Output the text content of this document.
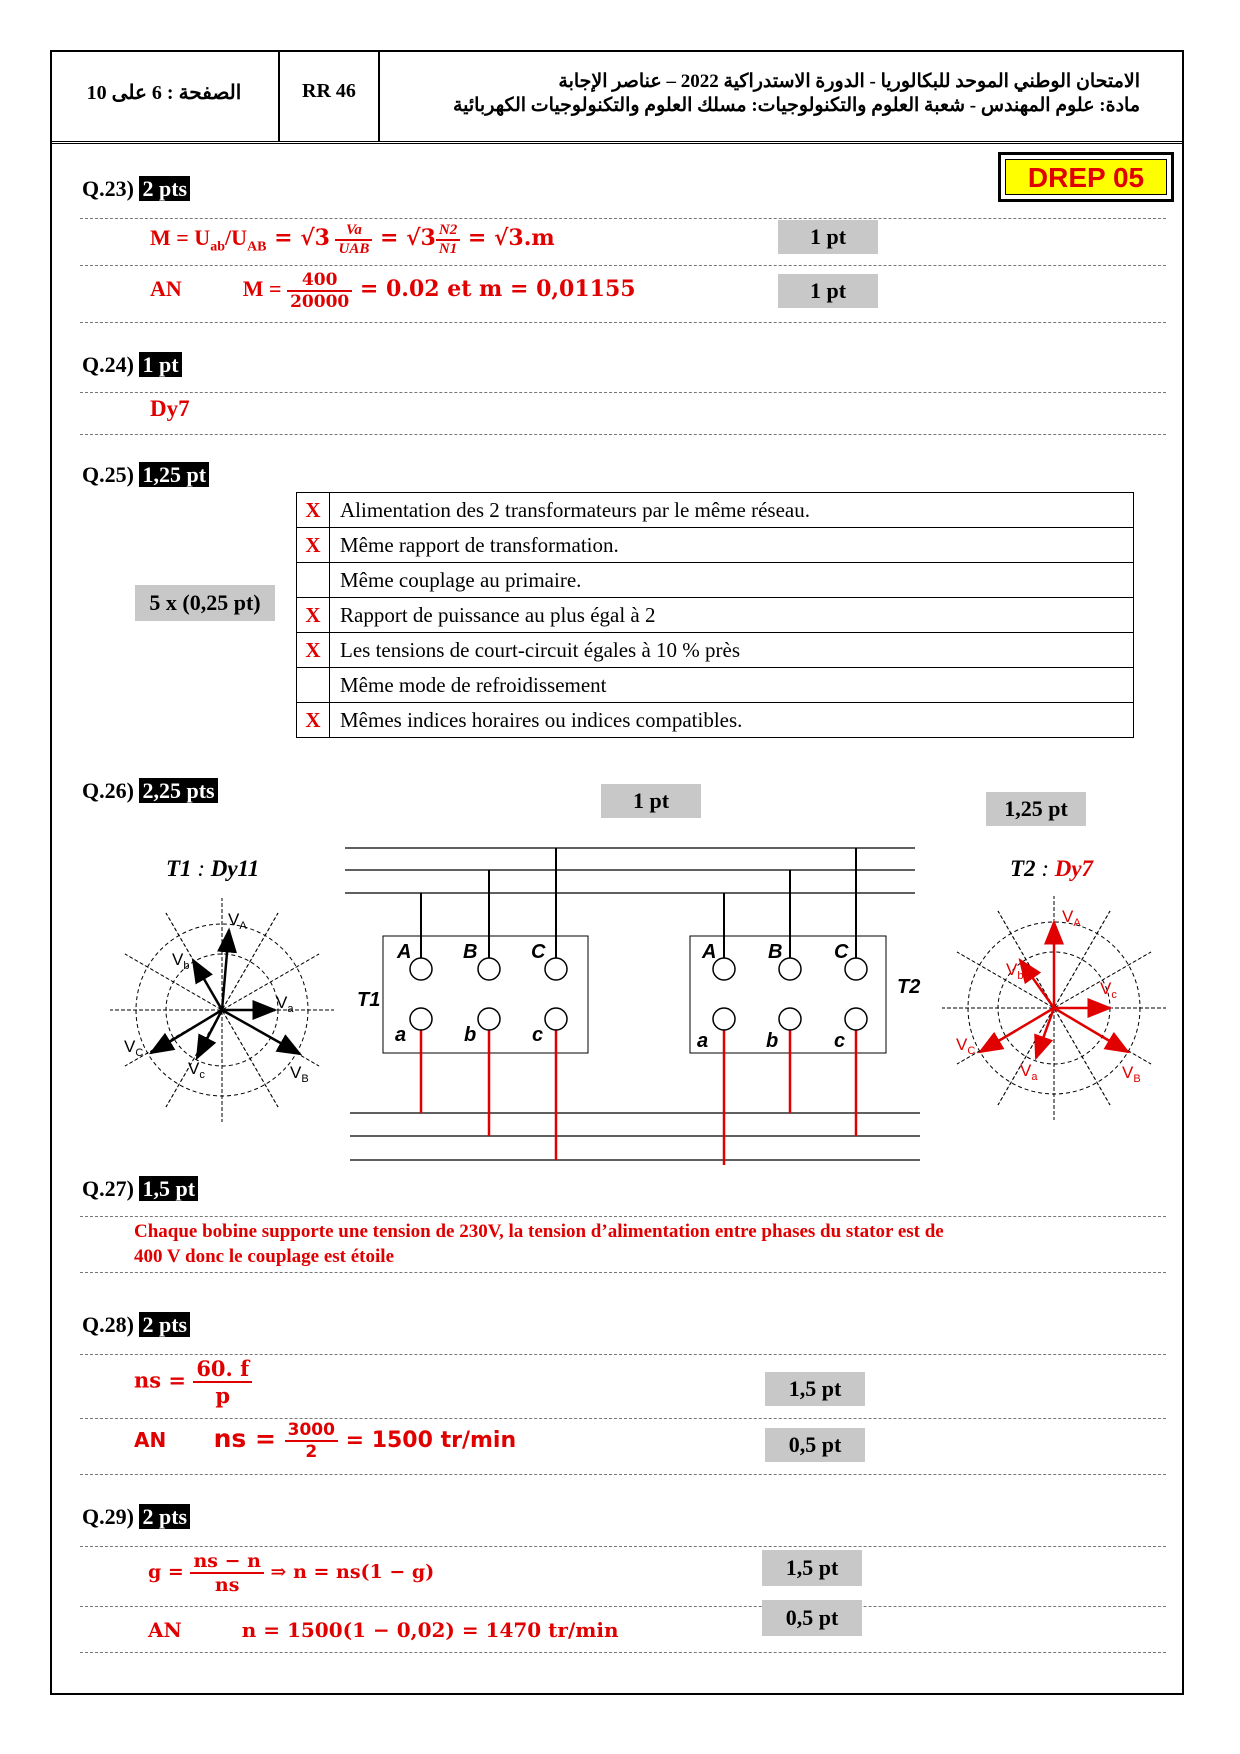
الصفحة : 6 على 10	RR 46	الامتحان الوطني الموحد للبكالوريا - الدورة الاستدراكية 2022 – عناصر الإجابة
مادة: علوم المهندس - شعبة العلوم والتكنولوجيات: مسلك العلوم والتكنولوجيات الكهربائية
DREP 05
Q.23) 2 pts
$M = U_{ab}/U_{AB} = √3 \frac{Va}{\text{UAB}} = √3 \frac{N2}{N1} = √3.m$	1 pt
AN	$M = \frac{400}{20000} = 0.02$ et m = 0,01155	1 pt
Q.24) 1 pt
Dy7
Q.25) 1,25 pt
5 x (0,25 pt)
X	Alimentation des 2 transformateurs par le même réseau.
X	Même rapport de transformation.
	Même couplage au primaire.
X	Rapport de puissance au plus égal à 2
X	Les tensions de court-circuit égales à 10 % près
	Même mode de refroidissement
X	Mêmes indices horaires ou indices compatibles.
Q.26) 2,25 pts	1 pt	1,25 pt
T1 : Dy11	T2 : Dy7
A	B	C
a	b	c
A	B	C
a	b	c
T1
T2
$V_A$
$V_B$
$V_C$
$V_b$
$V_a$
$V_c$
$V_A$
$V_B$
$V_C$
$V_b$
$V_c$
$V_a$
Q.27) 1,5 pt
Chaque bobine supporte une tension de 230V, la tension d’alimentation entre phases du stator est de
400 V donc le couplage est étoile
Q.28) 2 pts
ns = $\frac{60. f}{p}$	1,5 pt
AN ns = $\frac{3000}{2} = 1500$ tr/min	0,5 pt
Q.29) 2 pts
$g = \frac{ns - n}{ns}$ ⇒ n = ns(1 − g)	1,5 pt
AN	n = 1500(1 − 0,02) = 1470 tr/min	0,5 pt
